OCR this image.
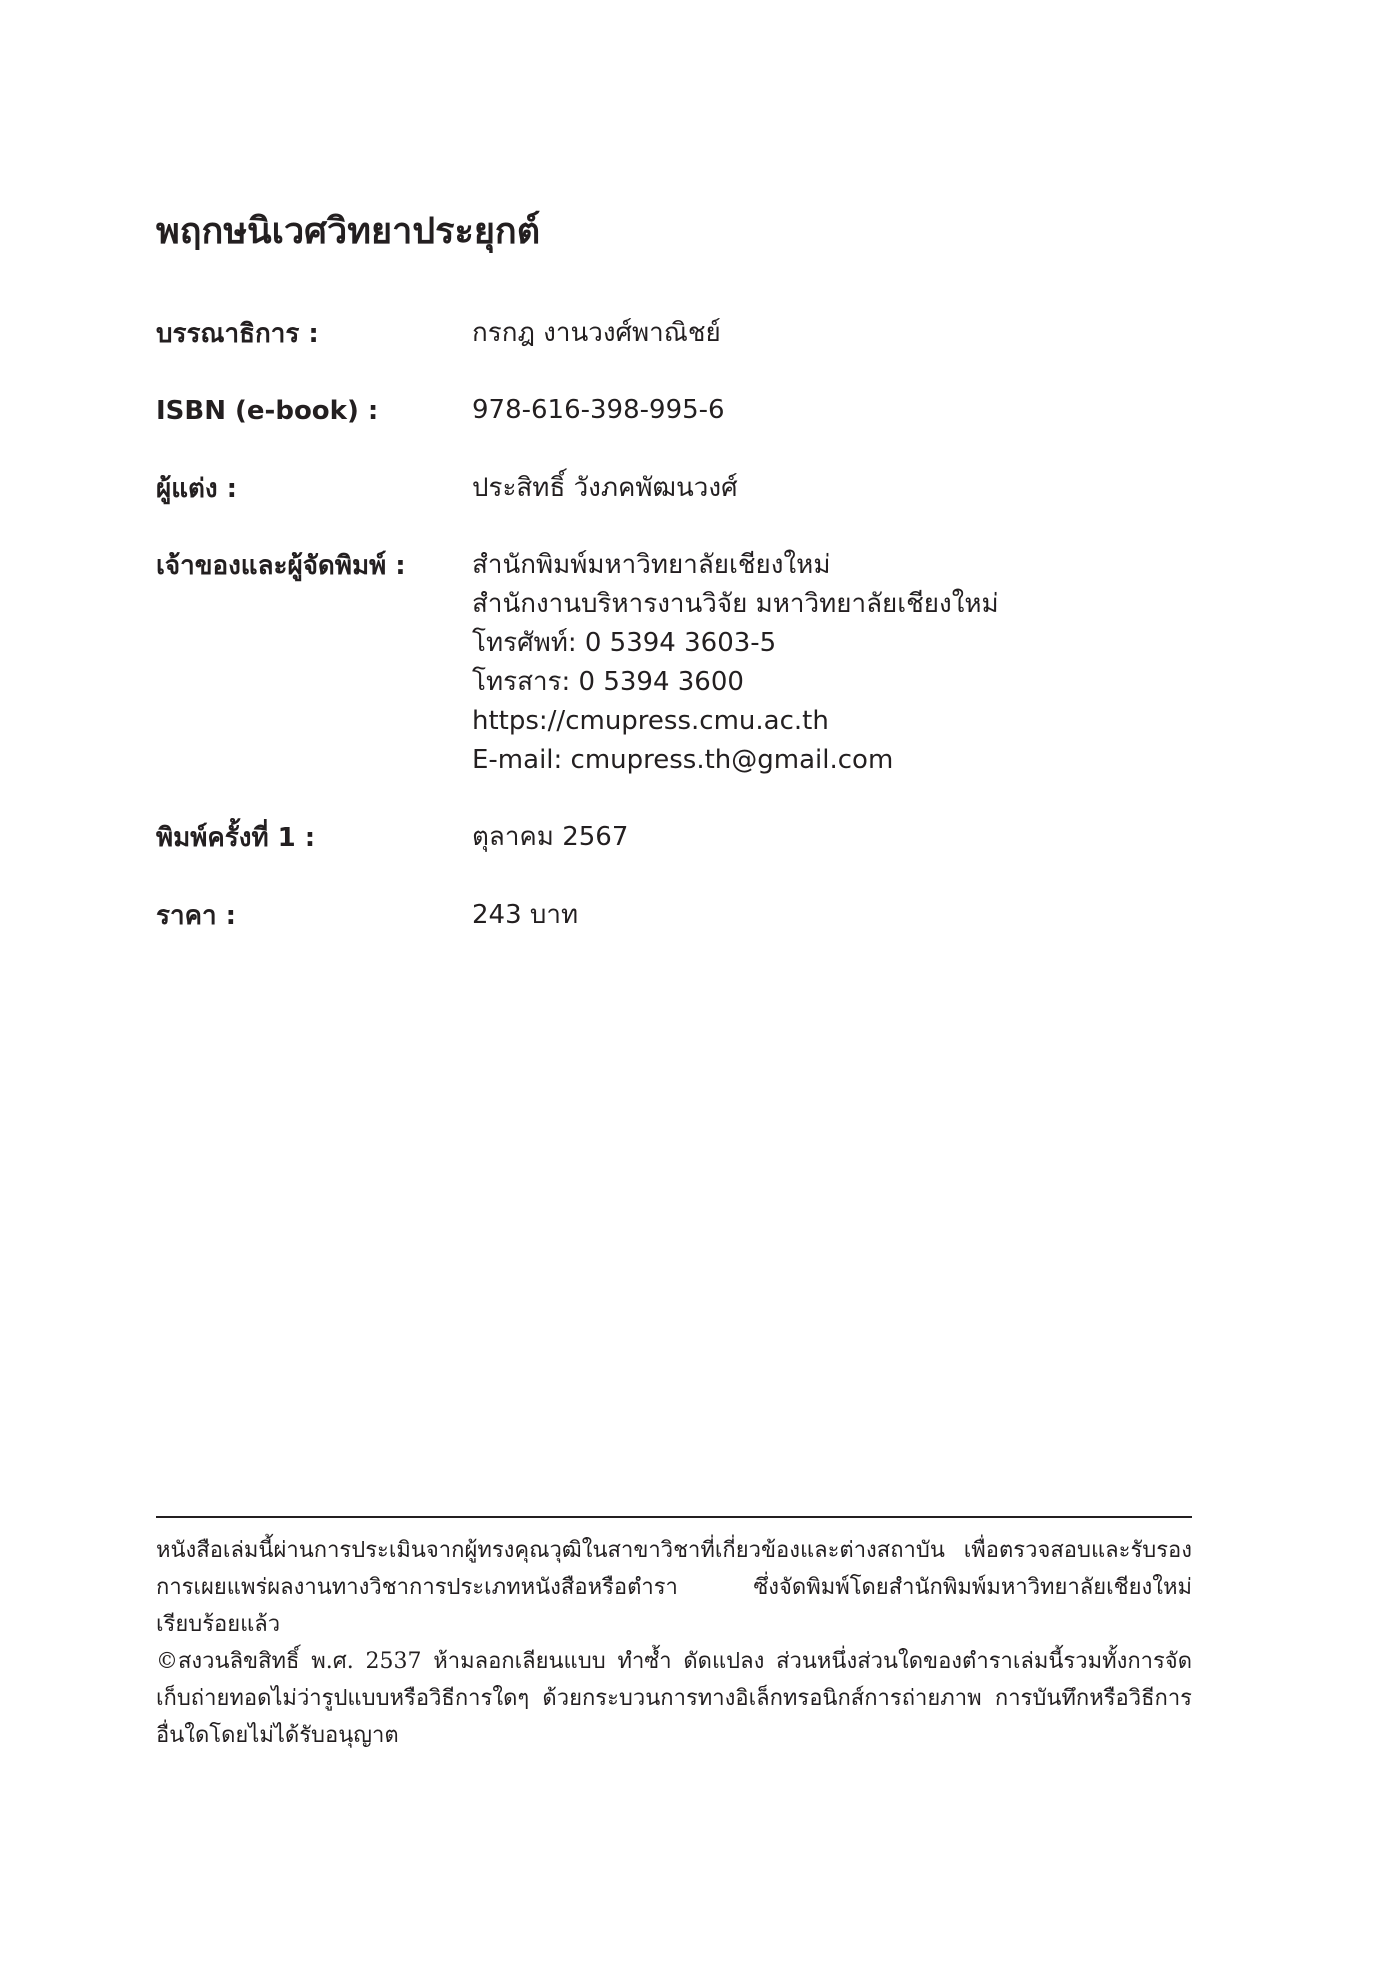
พฤกษนิเวศวิทยาประยุกต์
บรรณาธิการ :	กรกฎ งานวงศ์พาณิชย์
ISBN (e-book) :	978-616-398-995-6
ผู้แต่ง :	ประสิทธิ์ วังภคพัฒนวงศ์
เจ้าของและผู้จัดพิมพ์ :	สำนักพิมพ์มหาวิทยาลัยเชียงใหม่
สำนักงานบริหารงานวิจัย มหาวิทยาลัยเชียงใหม่
โทรศัพท์: 0 5394 3603-5
โทรสาร: 0 5394 3600
https://cmupress.cmu.ac.th
E-mail: cmupress.th@gmail.com
พิมพ์ครั้งที่ 1 :	ตุลาคม 2567
ราคา :	243 บาท

หนังสือเล่มนี้ผ่านการประเมินจากผู้ทรงคุณวุฒิในสาขาวิชาที่เกี่ยวข้องและต่างสถาบัน เพื่อตรวจสอบและรับรองการเผยแพร่ผลงานทางวิชาการประเภทหนังสือหรือตำรา ซึ่งจัดพิมพ์โดยสำนักพิมพ์มหาวิทยาลัยเชียงใหม่เรียบร้อยแล้ว

©สงวนลิขสิทธิ์ พ.ศ. 2537 ห้ามลอกเลียนแบบ ทำซ้ำ ดัดแปลง ส่วนหนึ่งส่วนใดของตำราเล่มนี้รวมทั้งการจัดเก็บถ่ายทอดไม่ว่ารูปแบบหรือวิธีการใดๆ ด้วยกระบวนการทางอิเล็กทรอนิกส์การถ่ายภาพ การบันทึกหรือวิธีการอื่นใดโดยไม่ได้รับอนุญาต
